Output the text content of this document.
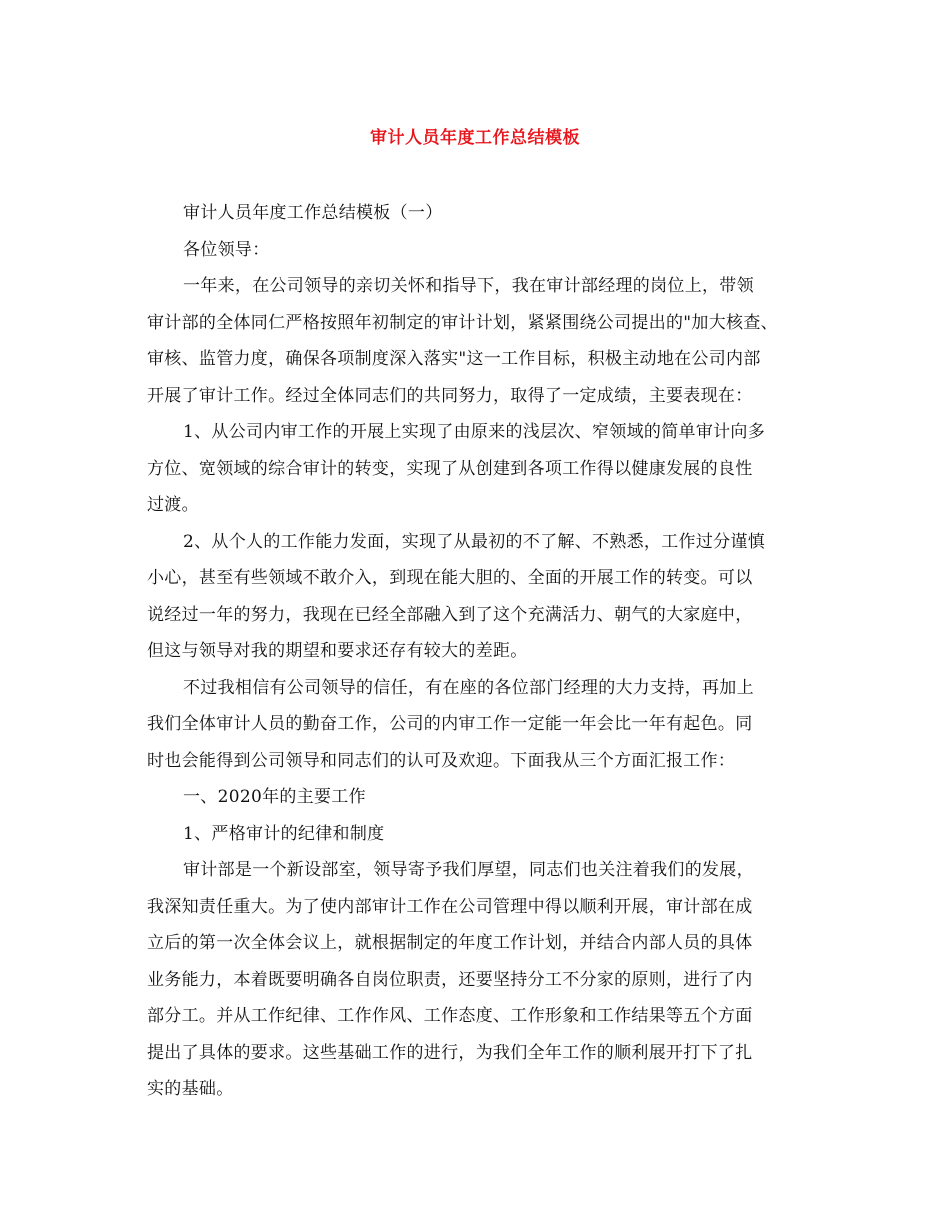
审计人员年度工作总结模板
审计人员年度工作总结模板（一）
各位领导：
一年来，在公司领导的亲切关怀和指导下，我在审计部经理的岗位上，带领
审计部的全体同仁严格按照年初制定的审计计划，紧紧围绕公司提出的"加大核查、
审核、监管力度，确保各项制度深入落实"这一工作目标，积极主动地在公司内部
开展了审计工作。经过全体同志们的共同努力，取得了一定成绩，主要表现在：
1、从公司内审工作的开展上实现了由原来的浅层次、窄领域的简单审计向多
方位、宽领域的综合审计的转变，实现了从创建到各项工作得以健康发展的良性
过渡。
2、从个人的工作能力发面，实现了从最初的不了解、不熟悉，工作过分谨慎
小心，甚至有些领域不敢介入，到现在能大胆的、全面的开展工作的转变。可以
说经过一年的努力，我现在已经全部融入到了这个充满活力、朝气的大家庭中，
但这与领导对我的期望和要求还存有较大的差距。
不过我相信有公司领导的信任，有在座的各位部门经理的大力支持，再加上
我们全体审计人员的勤奋工作，公司的内审工作一定能一年会比一年有起色。同
时也会能得到公司领导和同志们的认可及欢迎。下面我从三个方面汇报工作：
一、2020年的主要工作
1、严格审计的纪律和制度
审计部是一个新设部室，领导寄予我们厚望，同志们也关注着我们的发展，
我深知责任重大。为了使内部审计工作在公司管理中得以顺利开展，审计部在成
立后的第一次全体会议上，就根据制定的年度工作计划，并结合内部人员的具体
业务能力，本着既要明确各自岗位职责，还要坚持分工不分家的原则，进行了内
部分工。并从工作纪律、工作作风、工作态度、工作形象和工作结果等五个方面
提出了具体的要求。这些基础工作的进行，为我们全年工作的顺利展开打下了扎
实的基础。
